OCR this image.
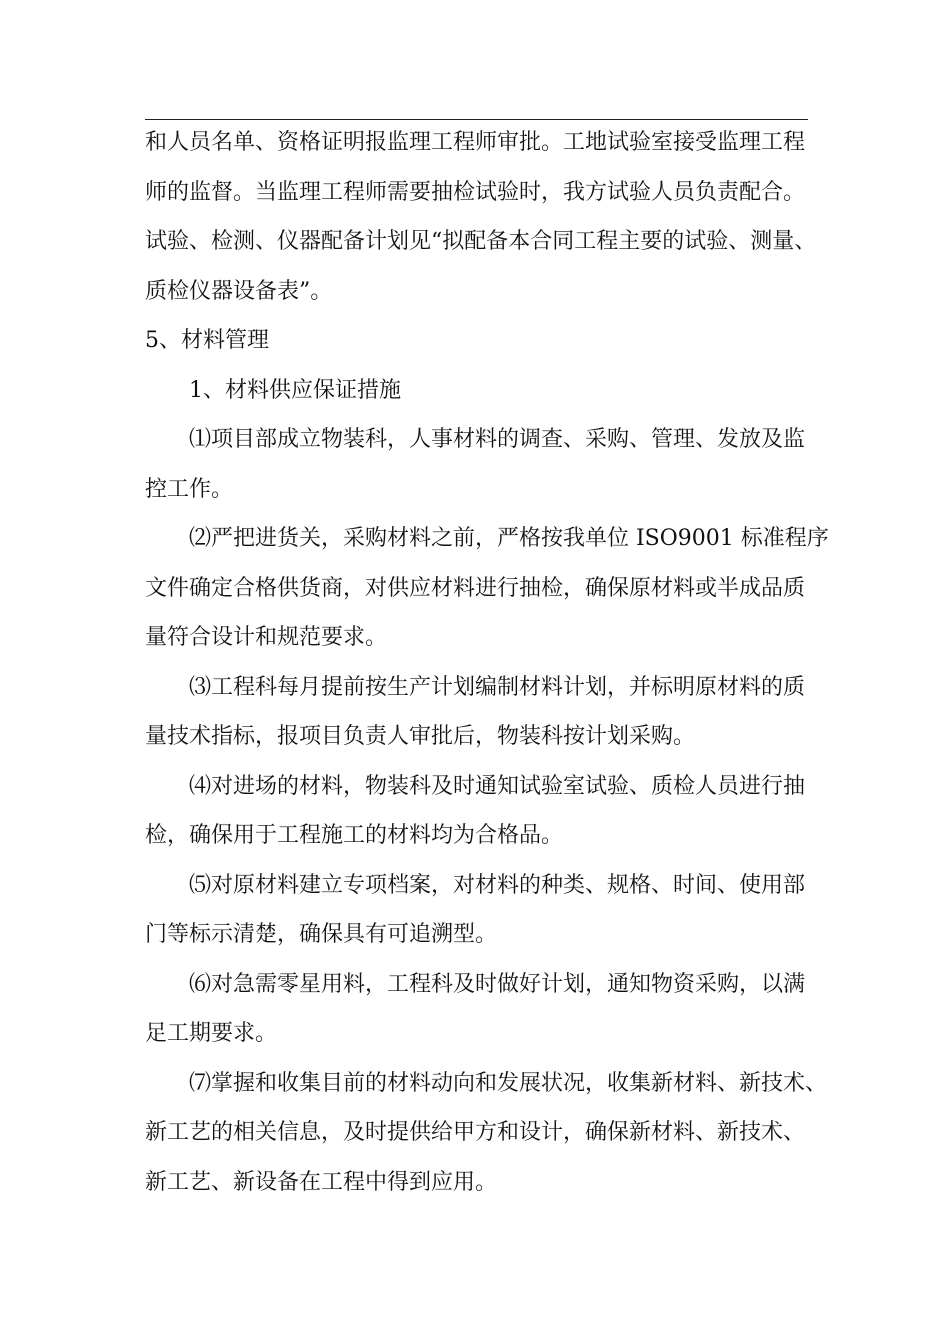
和人员名单、资格证明报监理工程师审批。工地试验室接受监理工程
师的监督。当监理工程师需要抽检试验时，我方试验人员负责配合。
试验、检测、仪器配备计划见“拟配备本合同工程主要的试验、测量、
质检仪器设备表”。
5、材料管理
1、材料供应保证措施
⑴项目部成立物装科，人事材料的调查、采购、管理、发放及监
控工作。
⑵严把进货关，采购材料之前，严格按我单位 ISO9001 标准程序
文件确定合格供货商，对供应材料进行抽检，确保原材料或半成品质
量符合设计和规范要求。
⑶工程科每月提前按生产计划编制材料计划，并标明原材料的质
量技术指标，报项目负责人审批后，物装科按计划采购。
⑷对进场的材料，物装科及时通知试验室试验、质检人员进行抽
检，确保用于工程施工的材料均为合格品。
⑸对原材料建立专项档案，对材料的种类、规格、时间、使用部
门等标示清楚，确保具有可追溯型。
⑹对急需零星用料，工程科及时做好计划，通知物资采购，以满
足工期要求。
⑺掌握和收集目前的材料动向和发展状况，收集新材料、新技术、
新工艺的相关信息，及时提供给甲方和设计，确保新材料、新技术、
新工艺、新设备在工程中得到应用。
